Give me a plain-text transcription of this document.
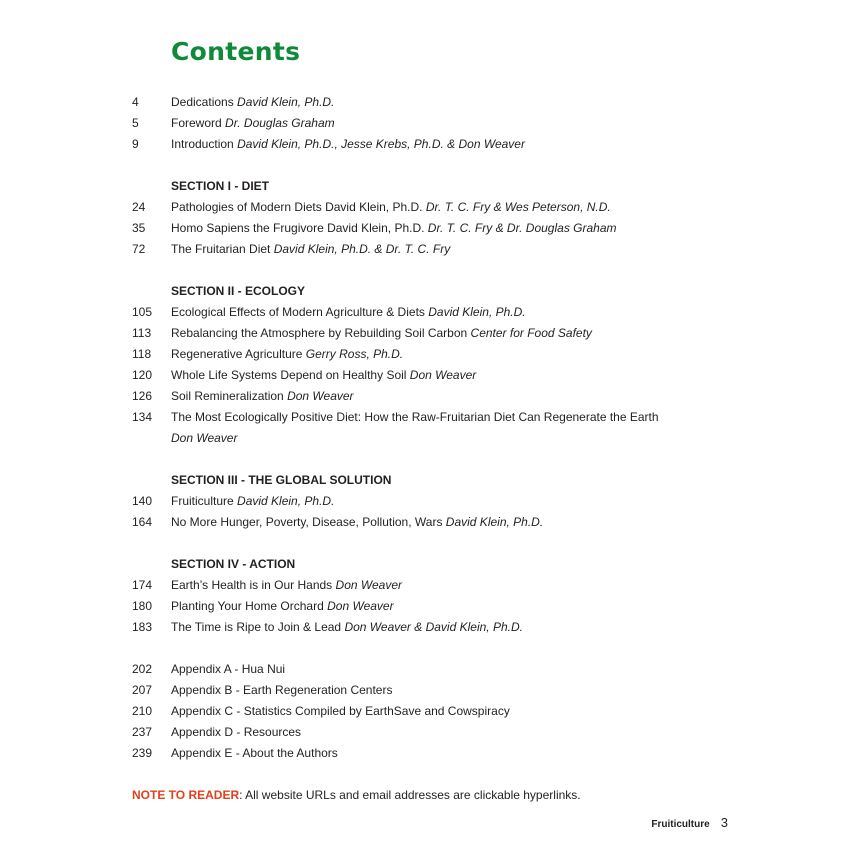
Contents
4	Dedications David Klein, Ph.D.
5	Foreword Dr. Douglas Graham
9	Introduction David Klein, Ph.D., Jesse Krebs, Ph.D. & Don Weaver
SECTION I - DIET
24	Pathologies of Modern Diets David Klein, Ph.D. Dr. T. C. Fry & Wes Peterson, N.D.
35	Homo Sapiens the Frugivore David Klein, Ph.D. Dr. T. C. Fry & Dr. Douglas Graham
72	The Fruitarian Diet David Klein, Ph.D. & Dr. T. C. Fry
SECTION II - ECOLOGY
105	Ecological Effects of Modern Agriculture & Diets David Klein, Ph.D.
113	Rebalancing the Atmosphere by Rebuilding Soil Carbon Center for Food Safety
118	Regenerative Agriculture Gerry Ross, Ph.D.
120	Whole Life Systems Depend on Healthy Soil Don Weaver
126	Soil Remineralization Don Weaver
134	The Most Ecologically Positive Diet: How the Raw-Fruitarian Diet Can Regenerate the Earth
Don Weaver
SECTION III - THE GLOBAL SOLUTION
140	Fruiticulture David Klein, Ph.D.
164	No More Hunger, Poverty, Disease, Pollution, Wars David Klein, Ph.D.
SECTION IV - ACTION
174	Earth’s Health is in Our Hands Don Weaver
180	Planting Your Home Orchard Don Weaver
183	The Time is Ripe to Join & Lead Don Weaver & David Klein, Ph.D.
202	Appendix A - Hua Nui
207	Appendix B - Earth Regeneration Centers
210	Appendix C - Statistics Compiled by EarthSave and Cowspiracy
237	Appendix D - Resources
239	Appendix E - About the Authors
NOTE TO READER: All website URLs and email addresses are clickable hyperlinks.
Fruiticulture 3
